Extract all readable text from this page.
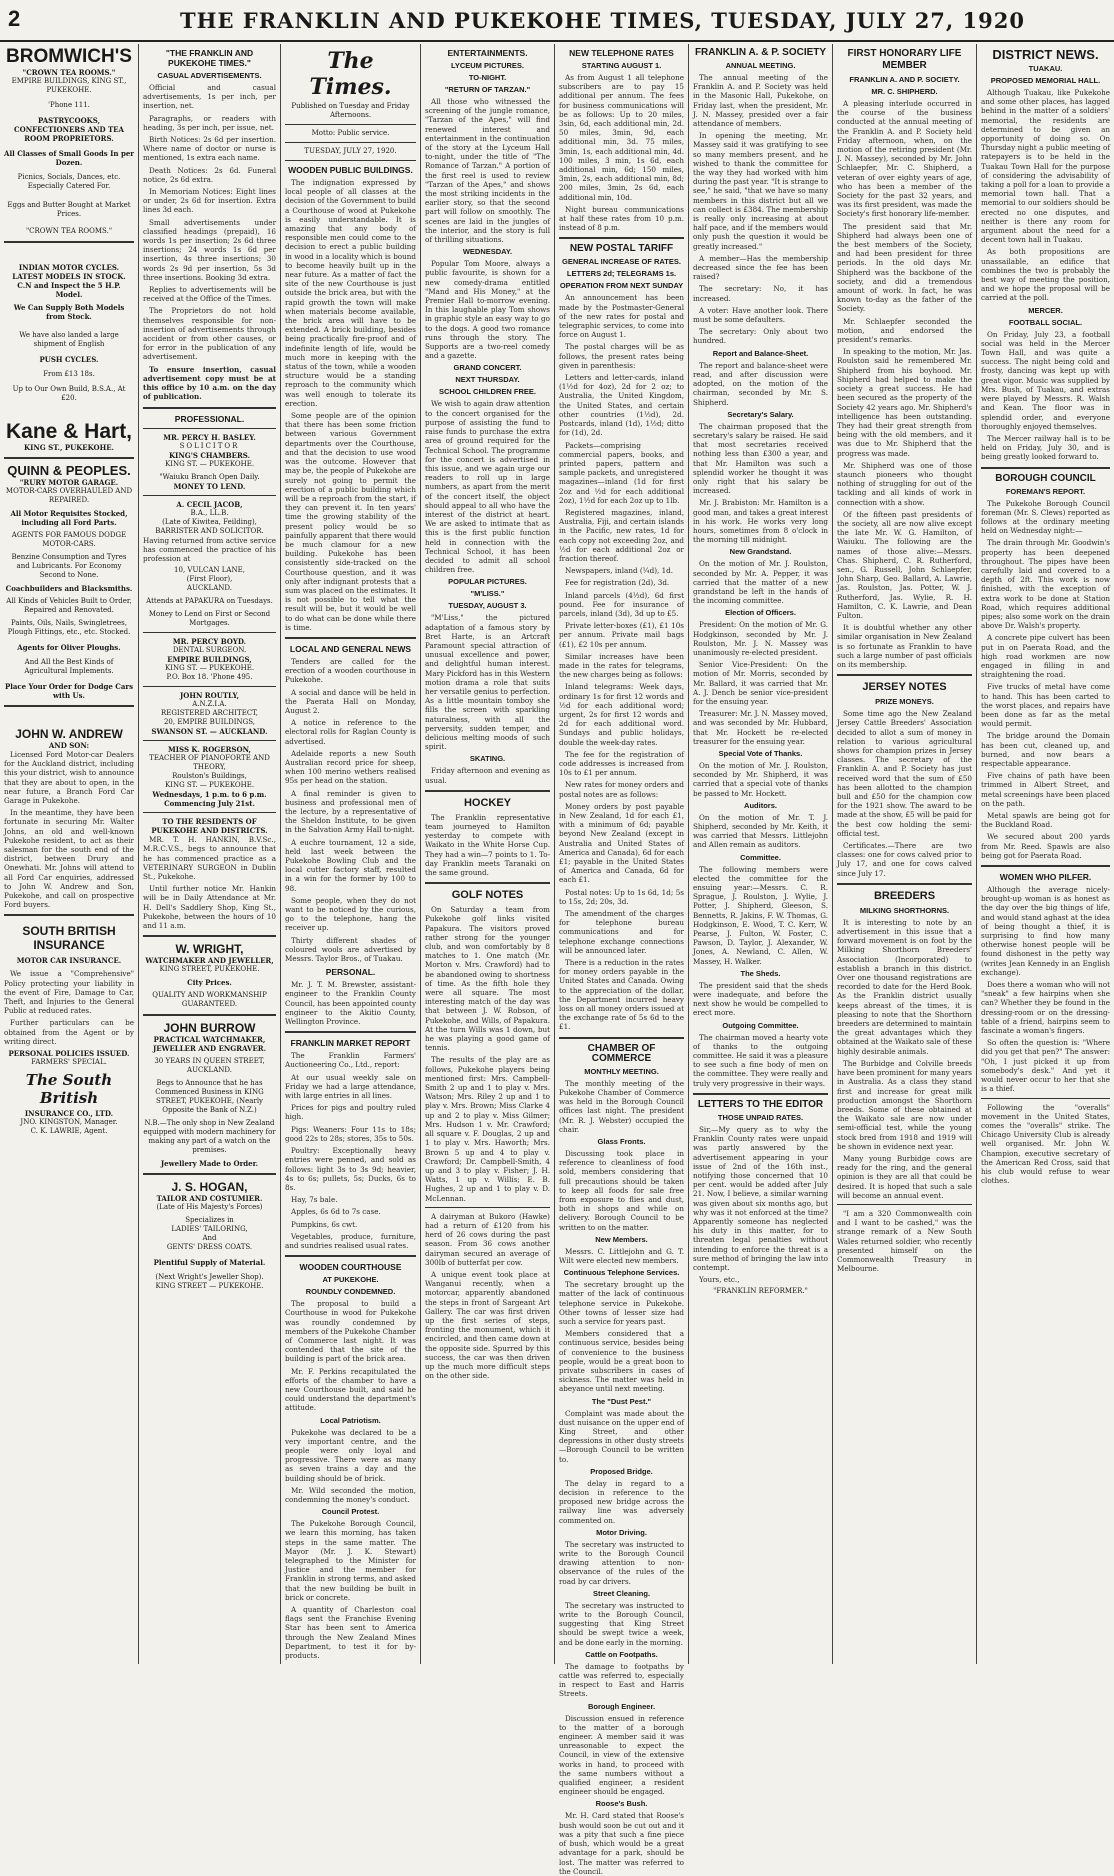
2	THE FRANKLIN AND PUKEKOHE TIMES, TUESDAY, JULY 27, 1920
BROMWICH'S
"CROWN TEA ROOMS."
EMPIRE BUILDINGS, KING ST., PUKEKOHE.
'Phone 111.
PASTRYCOOKS, CONFECTIONERS AND TEA ROOM PROPRIETORS.
All Classes of Small Goods In per Dozen.
Picnics, Socials, Dances, etc. Especially Catered For.
Eggs and Butter Bought at Market Prices.
"CROWN TEA ROOMS."
INDIAN MOTOR CYCLES.
LATEST MODELS IN STOCK.
C.N and Inspect the 5 H.P. Model.
We Can Supply Both Models from Stock.
We have also landed a large shipment of English
PUSH CYCLES.
From £13 18s.
Up to Our Own Build, B.S.A., At £20.
Kane & Hart,
KING ST., PUKEKOHE.
QUINN & PEOPLES.
"RURY MOTOR GARAGE.
MOTOR-CARS OVERHAULED AND REPAIRED.
All Motor Requisites Stocked, including all Ford Parts.
AGENTS FOR FAMOUS DODGE MOTOR-CARS.
Benzine Consumption and Tyres and Lubricants. For Economy Second to None.
Coachbuilders and Blacksmiths.
All Kinds of Vehicles Built to Order, Repaired and Renovated.
Paints, Oils, Nails, Swingletrees, Plough Fittings, etc., etc. Stocked.
Agents for Oliver Ploughs.
And All the Best Kinds of Agricultural Implements.
Place Your Order for Dodge Cars with Us.
JOHN W. ANDREW
AND SON:

Licensed Ford Motor-car Dealers for the Auckland district, including this your district, wish to announce that they are about to open, in the near future, a Branch Ford Car Garage in Pukekohe.

In the meantime, they have been fortunate in securing Mr. Walter Johns, an old and well-known Pukekohe resident, to act as their salesman for the south end of the district, between Drury and Onewhati. Mr. Johns will attend to all Ford Car enquiries, addressed to John W. Andrew and Son, Pukekohe, and call on prospective Ford buyers.

SOUTH BRITISH
INSURANCE
MOTOR CAR INSURANCE.

We issue a "Comprehensive" Policy protecting your liability in the event of Fire, Damage to Car, Theft, and Injuries to the General Public at reduced rates.

Further particulars can be obtained from the Agent or by writing direct.

PERSONAL POLICIES ISSUED.
FARMERS' SPECIAL.
The South British
INSURANCE CO., LTD.
JNO. KINGSTON, Manager.
C. K. LAWRIE, Agent.
"THE FRANKLIN AND PUKEKOHE TIMES."
CASUAL ADVERTISEMENTS.

Official and casual advertisements, 1s per inch, per insertion, net.

Paragraphs, or readers with heading, 3s per inch, per issue, net.

Birth Notices: 2s 6d per insertion. Where name of doctor or nurse is mentioned, 1s extra each name.

Death Notices: 2s 6d. Funeral notice, 2s 6d extra.

In Memoriam Notices: Eight lines or under, 2s 6d for insertion. Extra lines 3d each.

Small advertisements under classified headings (prepaid), 16 words 1s per insertion; 2s 6d three insertions; 24 words 1s 6d per insertion, 4s three insertions; 30 words 2s 9d per insertion, 5s 3d three insertions. Booking 3d extra.

Replies to advertisements will be received at the Office of the Times.

The Proprietors do not hold themselves responsible for non-insertion of advertisements through accident or from other causes, or for error in the publication of any advertisement.

To ensure insertion, casual advertisement copy must be at this office by 10 a.m. on the day of publication.

PROFESSIONAL.
MR. PERCY H. BASLEY.
SOLICITOR
KING'S CHAMBERS.
KING ST. — PUKEKOHE.
"Waiuku Branch Open Daily.
MONEY TO LEND.
A. CECIL JACOB,
B.A., LL.B.
(Late of Kiwitea, Feilding),
BARRISTER AND SOLICITOR.

Having returned from active service has commenced the practice of his profession at

10, VULCAN LANE,
(First Floor),
AUCKLAND.
Attends at PAPAKURA on Tuesdays.
Money to Lend on First or Second Mortgages.
MR. PERCY BOYD.
DENTAL SURGEON.
EMPIRE BUILDINGS,
KING ST. — PUKEKOHE.
P.O. Box 18. 'Phone 495.
JOHN ROUTLY,
A.N.Z.I.A.
REGISTERED ARCHITECT,
20, EMPIRE BUILDINGS,
SWANSON ST. — AUCKLAND.
MISS K. ROGERSON,
TEACHER OF PIANOFORTE AND THEORY,
Roulston's Buildings,
KING ST. — PUKEKOHE.
Wednesdays, 1 p.m. to 6 p.m. Commencing July 21st.
TO THE RESIDENTS OF PUKEKOHE AND DISTRICTS.

MR. T. H. HANKIN, B.V.Sc., M.R.C.V.S., begs to announce that he has commenced practice as a VETERINARY SURGEON in Dublin St., Pukekohe.

Until further notice Mr. Hankin will be in Daily Attendance at Mr. H. Dell's Saddlery Shop, King St., Pukekohe, between the hours of 10 and 11 a.m.

W. WRIGHT,
WATCHMAKER AND JEWELLER,
KING STREET, PUKEKOHE.
City Prices.
QUALITY AND WORKMANSHIP GUARANTEED.
JOHN BURROW
PRACTICAL WATCHMAKER, JEWELLER AND ENGRAVER.
30 YEARS IN QUEEN STREET, AUCKLAND.
Begs to Announce that he has Commenced Business in KING STREET, PUKEKOHE, (Nearly Opposite the Bank of N.Z.)
N.B.—The only shop in New Zealand equipped with modern machinery for making any part of a watch on the premises.
Jewellery Made to Order.
J. S. HOGAN,
TAILOR AND COSTUMIER.
(Late of His Majesty's Forces)
Specializes in
LADIES' TAILORING,
And
GENTS' DRESS COATS.
Plentiful Supply of Material.
(Next Wright's Jeweller Shop).
KING STREET — PUKEKOHE.
The Times.
Published on Tuesday and Friday Afternoons.
Motto: Public service.
TUESDAY, JULY 27, 1920.
WOODEN PUBLIC BUILDINGS.

The indignation expressed by local people of all classes at the decision of the Government to build a Courthouse of wood at Pukekohe is easily understandable. It is amazing that any body of responsible men could come to the decision to erect a public building in wood in a locality which is bound to become heavily built up in the near future. As a matter of fact the site of the new Courthouse is just outside the brick area, but with the rapid growth the town will make when materials become available, the brick area will have to be extended. A brick building, besides being practically fire-proof and of indefinite length of life, would be much more in keeping with the status of the town, while a wooden structure would be a standing reproach to the community which was well enough to tolerate its erection.

Some people are of the opinion that there has been some friction between various Government departments over the Courthouse, and that the decision to use wood was the outcome. However that may be, the people of Pukekohe are surely not going to permit the erection of a public building which will be a reproach from the start, if they can prevent it. In ten years' time the growing stability of the present policy would be so painfully apparent that there would be much clamour for a new building. Pukekohe has been consistently side-tracked on the Courthouse question, and it was only after indignant protests that a sum was placed on the estimates. It is not possible to tell what the result will be, but it would be well to do what can be done while there is time.

LOCAL AND GENERAL NEWS

Tenders are called for the erection of a wooden courthouse in Pukekohe.

A social and dance will be held in the Paerata Hall on Monday, August 2.

A notice in reference to the electoral rolls for Raglan County is advertised.

Adelaide reports a new South Australian record price for sheep, when 100 merino wethers realised 95s per head on the station.

A final reminder is given to business and professional men of the lecture, by a representative of the Sheldon Institute, to be given in the Salvation Army Hall to-night.

A euchre tournament, 12 a side, held last week between the Pukekohe Bowling Club and the local cutter factory staff, resulted in a win for the former by 100 to 98.

Some people, when they do not want to be noticed by the curious, go to the telephone, hang the receiver up.

Thirty different shades of coloured wools are advertised by Messrs. Taylor Bros., of Tuakau.

PERSONAL.

Mr. J. T. M. Brewster, assistant-engineer to the Franklin County Council, has been appointed county engineer to the Akitio County, Wellington Province.

FRANKLIN MARKET REPORT

The Franklin Farmers' Auctioneering Co., Ltd., report:

At our usual weekly sale on Friday we had a large attendance, with large entries in all lines.

Prices for pigs and poultry ruled high.

Pigs: Weaners: Four 11s to 18s; good 22s to 28s; stores, 35s to 50s.

Poultry: Exceptionally heavy entries were penned, and sold as follows: light 3s to 3s 9d; heavier, 4s to 6s; pullets, 5s; Ducks, 6s to 8s.

Hay, 7s bale.

Apples, 6s 6d to 7s case.

Pumpkins, 6s cwt.

Vegetables, produce, furniture, and sundries realised usual rates.

WOODEN COURTHOUSE
AT PUKEKOHE.
ROUNDLY CONDEMNED.

The proposal to build a Courthouse in wood for Pukekohe was roundly condemned by members of the Pukekohe Chamber of Commerce last night. It was contended that the site of the building is part of the brick area.

Mr. F. Perkins recapitulated the efforts of the chamber to have a new Courthouse built, and said he could understand the department's attitude.

Local Patriotism.

Pukekohe was declared to be a very important centre, and the people were only loyal and progressive. There were as many as seven trains a day and the building should be of brick.

Mr. Wild seconded the motion, condemning the money's conduct.

Council Protest.

The Pukekohe Borough Council, we learn this morning, has taken steps in the same matter. The Mayor (Mr. J. K. Stewart) telegraphed to the Minister for Justice and the member for Franklin in strong terms, and asked that the new building be built in brick or concrete.

A quantity of Charleston coal flags sent the Franchise Evening Star has been sent to America through the New Zealand Mines Department, to test it for by-products.

ENTERTAINMENTS.
LYCEUM PICTURES.
TO-NIGHT.
"RETURN OF TARZAN."

All those who witnessed the screening of the jungle romance, "Tarzan of the Apes," will find renewed interest and entertainment in the continuation of the story at the Lyceum Hall to-night, under the title of "The Romance of Tarzan." A portion of the first reel is used to review "Tarzan of the Apes," and shows the most striking incidents in the earlier story, so that the second part will follow on smoothly. The scenes are laid in the jungles of the interior, and the story is full of thrilling situations.

WEDNESDAY.

Popular Tom Moore, always a public favourite, is shown for a new comedy-drama entitled "Mand and His Money," at the Premier Hall to-morrow evening. In this laughable play Tom shows in graphic style an easy way to go to the dogs. A good two romance runs through the story. The Supports are a two-reel comedy and a gazette.

GRAND CONCERT.
NEXT THURSDAY.
SCHOOL CHILDREN FREE.

We wish to again draw attention to the concert organised for the purpose of assisting the fund to raise funds to purchase the extra area of ground required for the Technical School. The programme for the concert is advertised in this issue, and we again urge our readers to roll up in large numbers, as apart from the merit of the concert itself, the object should appeal to all who have the interest of the district at heart. We are asked to intimate that as this is the first public function held in connection with the Technical School, it has been decided to admit all school children free.

POPULAR PICTURES.
"M'LISS."
TUESDAY, AUGUST 3.

"M'Liss," the pictured adaptation of a famous story by Bret Harte, is an Artcraft Paramount special attraction of unusual excellence and power, and delightful human interest. Mary Pickford has in this Western motion drama a role that suits her versatile genius to perfection. As a little mountain tomboy she fills the screen with sparkling naturalness, with all the perversity, sudden temper, and delicious melting moods of such spirit.

SKATING.

Friday afternoon and evening as usual.

HOCKEY

The Franklin representative team journeyed to Hamilton yesterday to compete with Waikato in the White Horse Cup. They had a win—7 points to 1. To-day Franklin meets Taranaki on the same ground.

GOLF NOTES

On Saturday a team from Pukekohe golf links visited Papakura. The visitors proved rather strong for the younger club, and won comfortably by 8 matches to 1. One match (Mr. Morton v. Mrs. Crawford) had to be abandoned owing to shortness of time. As the fifth hole they were all square. The most interesting match of the day was that between J. W. Robson, of Pukekohe, and Wills, of Papakura. At the turn Wills was 1 down, but he was playing a good game of tennis.

The results of the play are as follows, Pukekohe players being mentioned first: Mrs. Campbell-Smith 2 up and 1 to play v. Mrs. Watson; Mrs. Riley 2 up and 1 to play v. Mrs. Brown; Miss Clarke 4 up and 2 to play v. Miss Gilmer; Mrs. Hudson 1 v. Mr. Crawford; all square v. F. Douglas, 2 up and 1 to play v. Mrs. Haworth; Mrs. Brown 5 up and 4 to play v. Crawford; Dr. Campbell-Smith, 4 up and 3 to play v. Fisher; J. H. Watts, 1 up v. Willis; E. B. Hughes, 2 up and 1 to play v. D. McLennan.

A dairyman at Bukoro (Hawke) had a return of £120 from his herd of 26 cows during the past season. From 36 cows another dairyman secured an average of 300lb of butterfat per cow.

A unique event took place at Wanganui recently, when a motorcar, apparently abandoned the steps in front of Sargeant Art Gallery. The car was first driven up the first series of steps, fronting the monument, which it encircled, and then came down at the opposite side. Spurred by this success, the car was then driven up the much more difficult steps on the other side.

NEW TELEPHONE RATES
STARTING AUGUST 1.

As from August 1 all telephone subscribers are to pay 15 additional per annum. The fees for business communications will be as follows: Up to 20 miles, 3sin, 6d, each additional min, 2d. 50 miles, 3min, 9d, each additional min, 3d. 75 miles, 3min, 1s, each additional min, 4d. 100 miles, 3 min, 1s 6d, each additional min, 6d; 150 miles, 3min, 2s, each additional min, 8d; 200 miles, 3min, 2s 6d, each additional min, 10d.

Night bureau communications at half these rates from 10 p.m. instead of 8 p.m.

NEW POSTAL TARIFF
GENERAL INCREASE OF RATES.
LETTERS 2d; TELEGRAMS 1s.
OPERATION FROM NEXT SUNDAY

An announcement has been made by the Postmaster-General of the new rates for postal and telegraphic services, to come into force on August 1.

The postal charges will be as follows, the present rates being given in parenthesis:

Letters and letter-cards, inland (1½d for 4oz), 2d for 2 oz; to Australia, the United Kingdom, the United States, and certain other countries (1½d), 2d. Postcards, inland (1d), 1½d; ditto for (1d), 2d.

Packets—comprising commercial papers, books, and printed papers, pattern and sample packets, and unregistered magazines—inland (1d for first 2oz and ½d for each additional 2oz), 1½d for each 2oz up to 1lb.

Registered magazines, inland, Australia, Fiji, and certain islands in the Pacific, new rates, 1d for each copy not exceeding 2oz, and ½d for each additional 2oz or fraction thereof.

Newspapers, inland (¼d), 1d.

Fee for registration (2d), 3d.

Inland parcels (4½d), 6d first pound. Fee for insurance of parcels, inland (3d), 3d up to £5.

Private letter-boxes (£1), £1 10s per annum. Private mail bags (£1), £2 10s per annum.

Similar increases have been made in the rates for telegrams, the new charges being as follows:

Inland telegrams: Week days, ordinary 1s for first 12 words and ½d for each additional word; urgent, 2s for first 12 words and 2d for each additional word. Sundays and public holidays, double the week-day rates.

The fee for the registration of code addresses is increased from 10s to £1 per annum.

New rates for money orders and postal notes are as follows:

Money orders by post payable in New Zealand, 1d for each £1, with a minimum of 6d; payable beyond New Zealand (except in Australia and United States of America and Canada), 6d for each £1; payable in the United States of America and Canada, 6d for each £1.

Postal notes: Up to 1s 6d, 1d; 5s to 15s, 2d; 20s, 3d.

The amendment of the charges for telephone bureau communications and for telephone exchange connections will be announced later.

There is a reduction in the rates for money orders payable in the United States and Canada. Owing to the appreciation of the dollar, the Department incurred heavy loss on all money orders issued at the exchange rate of 5s 6d to the £1.

CHAMBER OF COMMERCE
MONTHLY MEETING.

The monthly meeting of the Pukekohe Chamber of Commerce was held in the Borough Council offices last night. The president (Mr. R. J. Webster) occupied the chair.

Glass Fronts.

Discussing took place in reference to cleanliness of food sold, members considering that full precautions should be taken to keep all foods for sale free from exposure to flies and dust, both in shops and while on delivery. Borough Council to be written to on the matter.

New Members.

Messrs. C. Littlejohn and G. T. Wilt were elected new members.

Continuous Telephone Services.

The secretary brought up the matter of the lack of continuous telephone service in Pukekohe. Other towns of lesser size had such a service for years past.

Members considered that a continuous service, besides being of convenience to the business people, would be a great boon to private subscribers in cases of sickness. The matter was held in abeyance until next meeting.

The "Dust Pest."

Complaint was made about the dust nuisance on the upper end of King Street, and other depressions in other dusty streets—Borough Council to be written to.

Proposed Bridge.

The delay in regard to a decision in reference to the proposed new bridge across the railway line was adversely commented on.

Motor Driving.

The secretary was instructed to write to the Borough Council drawing attention to non-observance of the rules of the road by car drivers.

Street Cleaning.

The secretary was instructed to write to the Borough Council, suggesting that King Street should be swept twice a week, and be done early in the morning.

Cattle on Footpaths.

The damage to footpaths by cattle was referred to, especially in respect to East and Harris Streets.

Borough Engineer.

Discussion ensued in reference to the matter of a borough engineer. A member said it was unreasonable to expect the Council, in view of the extensive works in hand, to proceed with the same numbers without a qualified engineer, a resident engineer should be engaged.

Roose's Bush.

Mr. H. Card stated that Roose's bush would soon be cut out and it was a pity that such a fine piece of bush, which would be a great advantage for a park, should be lost. The matter was referred to the Council.

FRANKLIN A. & P. SOCIETY
ANNUAL MEETING.

The annual meeting of the Franklin A. and P. Society was held in the Masonic Hall, Pukekohe, on Friday last, when the president, Mr. J. N. Massey, presided over a fair attendance of members.

In opening the meeting, Mr. Massey said it was gratifying to see so many members present, and he wished to thank the committee for the way they had worked with him during the past year. "It is strange to see," he said, "that we have so many members in this district but all we can collect is £384. The membership is really only increasing at about half pace, and if the members would only push the question it would be greatly increased."

A member—Has the membership decreased since the fee has been raised?

The secretary: No, it has increased.

A voter: Have another look. There must be some defaulters.

The secretary: Only about two hundred.

Report and Balance-Sheet.

The report and balance-sheet were read, and after discussion were adopted, on the motion of the chairman, seconded by Mr. S. Shipherd.

Secretary's Salary.

The chairman proposed that the secretary's salary be raised. He said that most secretaries received nothing less than £300 a year, and that Mr. Hamilton was such a splendid worker he thought it was only right that his salary be increased.

Mr. J. Brabiston: Mr. Hamilton is a good man, and takes a great interest in his work. He works very long hours, sometimes from 8 o'clock in the morning till midnight.

New Grandstand.

On the motion of Mr. J. Roulston, seconded by Mr. A. Pepper, it was carried that the matter of a new grandstand be left in the hands of the incoming committee.

Election of Officers.

President: On the motion of Mr. G. Hodgkinson, seconded by Mr. J. Roulston, Mr. J. N. Massey was unanimously re-elected president.

Senior Vice-President: On the motion of Mr. Morris, seconded by Mr. Ballard, it was carried that Mr. A. J. Dench be senior vice-president for the ensuing year.

Treasurer: Mr. J. N. Massey moved, and was seconded by Mr. Hubbard, that Mr. Hockett be re-elected treasurer for the ensuing year.

Special Vote of Thanks.

On the motion of Mr. J. Roulston, seconded by Mr. Shipherd, it was carried that a special vote of thanks be passed to Mr. Hockett.

Auditors.

On the motion of Mr. T. J. Shipherd, seconded by Mr. Keith, it was carried that Messrs. Littlejohn and Allen remain as auditors.

Committee.

The following members were elected the committee for the ensuing year:—Messrs. C. R. Sprague, J. Roulston, J. Wylie, J. Potter, J. Shipherd, Gleeson, S. Bennetts, R. Jakins, F. W. Thomas, G. Hodgkinson, E. Wood, T. C. Kerr, W. Pearse, J. Fulton, W. Foster, C. Pawson, D. Taylor, J. Alexander, W. Jones, A. Newland, C. Allen, W. Massey, H. Walker.

The Sheds.

The president said that the sheds were inadequate, and before the next show he would be compelled to erect more.

Outgoing Committee.

The chairman moved a hearty vote of thanks to the outgoing committee. He said it was a pleasure to see such a fine body of men on the committee. They were really and truly very progressive in their ways.

LETTERS TO THE EDITOR
THOSE UNPAID RATES.

Sir,—My query as to why the Franklin County rates were unpaid was partly answered by the advertisement appearing in your issue of 2nd of the 16th inst., notifying those concerned that 10 per cent. would be added after July 21. Now, I believe, a similar warning was given about six months ago, but why was it not enforced at the time? Apparently someone has neglected his duty in this matter, for to threaten legal penalties without intending to enforce the threat is a sure method of bringing the law into contempt.

Yours, etc.,

"FRANKLIN REFORMER."
FIRST HONORARY LIFE MEMBER
FRANKLIN A. AND P. SOCIETY.
MR. C. SHIPHERD.

A pleasing interlude occurred in the course of the business conducted at the annual meeting of the Franklin A. and P. Society held Friday afternoon, when, on the motion of the retiring president (Mr. J. N. Massey), seconded by Mr. John Schlaepfer, Mr. C. Shipherd, a veteran of over eighty years of age, who has been a member of the Society for the past 32 years, and was its first president, was made the Society's first honorary life-member.

The president said that Mr. Shipherd had always been one of the best members of the Society, and had been president for three periods. In the old days Mr. Shipherd was the backbone of the society, and did a tremendous amount of work. In fact, he was known to-day as the father of the Society.

Mr. Schlaepfer seconded the motion, and endorsed the president's remarks.

In speaking to the motion, Mr. Jas. Roulston said he remembered Mr. Shipherd from his boyhood. Mr. Shipherd had helped to make the society a great success. He had been secured as the property of the Society 42 years ago. Mr. Shipherd's intelligence has been outstanding. They had their great strength from being with the old members, and it was due to Mr. Shipherd that the progress was made.

Mr. Shipherd was one of those staunch pioneers who thought nothing of struggling for out of the tackling and all kinds of work in connection with a show.

Of the fifteen past presidents of the society, all are now alive except the late Mr. W. G. Hamilton, of Waiuku. The following are the names of those alive:—Messrs. Chas. Shipherd, C. R. Rutherford, sen., G. Russell, John Schlaepfer, John Sharp, Geo. Ballard, A. Lawrie, Jas. Roulston, Jas. Potter, W. J. Rutherford, Jas. Wylie, R. H. Hamilton, C. K. Lawrie, and Dean Fulton.

It is doubtful whether any other similar organisation in New Zealand is so fortunate as Franklin to have such a large number of past officials on its membership.

JERSEY NOTES
PRIZE MONEYS.

Some time ago the New Zealand Jersey Cattle Breeders' Association decided to allot a sum of money in relation to various agricultural shows for champion prizes in Jersey classes. The secretary of the Franklin A. and P. Society has just received word that the sum of £50 has been allotted to the champion bull and £50 for the champion cow for the 1921 show. The award to be made at the show, £5 will be paid for the best cow holding the semi-official test.

Certificates.—There are two classes: one for cows calved prior to July 17, and one for cows calved since July 17.

BREEDERS
MILKING SHORTHORNS.

It is interesting to note by an advertisement in this issue that a forward movement is on foot by the Milking Shorthorn Breeders' Association (Incorporated) to establish a branch in this district. Over one thousand registrations are recorded to date for the Herd Book. As the Franklin district usually keeps abreast of the times, it is pleasing to note that the Shorthorn breeders are determined to maintain the great advantages which they obtained at the Waikato sale of these highly desirable animals.

The Burbidge and Colville breeds have been prominent for many years in Australia. As a class they stand first and increase for great milk production amongst the Shorthorn breeds. Some of these obtained at the Waikato sale are now under semi-official test, while the young stock bred from 1918 and 1919 will be shown in evidence next year.

Many young Burbidge cows are ready for the ring, and the general opinion is they are all that could be desired. It is hoped that such a sale will become an annual event.

"I am a 320 Commonwealth coin and I want to be cashed," was the strange remark of a New South Wales returned soldier, who recently presented himself on the Commonwealth Treasury in Melbourne.

DISTRICT NEWS.
TUAKAU.
PROPOSED MEMORIAL HALL.

Although Tuakau, like Pukekohe and some other places, has lagged behind in the matter of a soldiers' memorial, the residents are determined to be given an opportunity of doing so. On Thursday night a public meeting of ratepayers is to be held in the Tuakau Town Hall for the purpose of considering the advisability of taking a poll for a loan to provide a memorial town hall. That a memorial to our soldiers should be erected no one disputes, and neither is there any room for argument about the need for a decent town hall in Tuakau.

As both propositions are unassailable, an edifice that combines the two is probably the best way of meeting the position, and we hope the proposal will be carried at the poll.

MERCER.
FOOTBALL SOCIAL.

On Friday, July 23, a football social was held in the Mercer Town Hall, and was quite a success. The night being cold and frosty, dancing was kept up with great vigor. Music was supplied by Mrs. Bush, of Tuakau, and extras were played by Messrs. R. Walsh and Kean. The floor was in splendid order, and everyone thoroughly enjoyed themselves.

The Mercer railway hall is to be held on Friday, July 30, and is being greatly looked forward to.

BOROUGH COUNCIL
FOREMAN'S REPORT.

The Pukekohe Borough Council foreman (Mr. S. Clews) reported as follows at the ordinary meeting held on Wednesday night:—

The drain through Mr. Goodwin's property has been deepened throughout. The pipes have been carefully laid and covered to a depth of 2ft. This work is now finished, with the exception of extra work to be done at Station Road, which requires additional pipes; also some work on the drain above Dr. Walsh's property.

A concrete pipe culvert has been put in on Paerata Road, and the high road workmen are now engaged in filling in and straightening the road.

Five trucks of metal have come to hand. This has been carted to the worst places, and repairs have been done as far as the metal would permit.

The bridge around the Domain has been cut, cleaned up, and burned, and now bears a respectable appearance.

Five chains of path have been trimmed in Albert Street, and metal screenings have been placed on the path.

Metal spawls are being got for the Buckland Road.

We secured about 200 yards from Mr. Reed. Spawls are also being got for Paerata Road.

WOMEN WHO PILFER.

Although the average nicely-brought-up woman is as honest as the day over the big things of life, and would stand aghast at the idea of being thought a thief, it is surprising to find how many otherwise honest people will be found dishonest in the petty way (writes Jean Kennedy in an English exchange).

Does there a woman who will not "sneak" a few hairpins when she can? Whether they be found in the dressing-room or on the dressing-table of a friend, hairpins seem to fascinate a woman's fingers.

So often the question is: "Where did you get that pen?" The answer: "Oh, I just picked it up from somebody's desk." And yet it would never occur to her that she is a thief.

Following the "overalls" movement in the United States, comes the "overalls" strike. The Chicago University Club is already well organised. Mr. John W. Champion, executive secretary of the American Red Cross, said that his club would refuse to wear clothes.
